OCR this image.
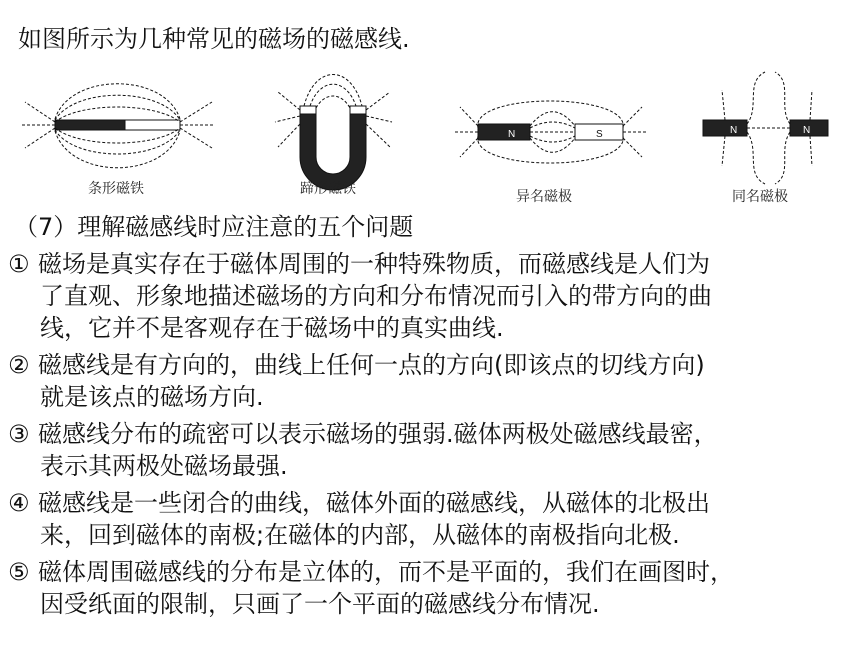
如图所示为几种常见的磁场的磁感线.
N	S	N	N
条形磁铁	蹄形磁铁	异名磁极	同名磁极
（7）理解磁感线时应注意的五个问题
① 磁场是真实存在于磁体周围的一种特殊物质，而磁感线是人们为
了直观、形象地描述磁场的方向和分布情况而引入的带方向的曲
线，它并不是客观存在于磁场中的真实曲线.
② 磁感线是有方向的，曲线上任何一点的方向(即该点的切线方向)
就是该点的磁场方向.
③ 磁感线分布的疏密可以表示磁场的强弱.磁体两极处磁感线最密，
表示其两极处磁场最强.
④ 磁感线是一些闭合的曲线，磁体外面的磁感线，从磁体的北极出
来，回到磁体的南极;在磁体的内部，从磁体的南极指向北极.
⑤ 磁体周围磁感线的分布是立体的，而不是平面的，我们在画图时，
因受纸面的限制，只画了一个平面的磁感线分布情况.
